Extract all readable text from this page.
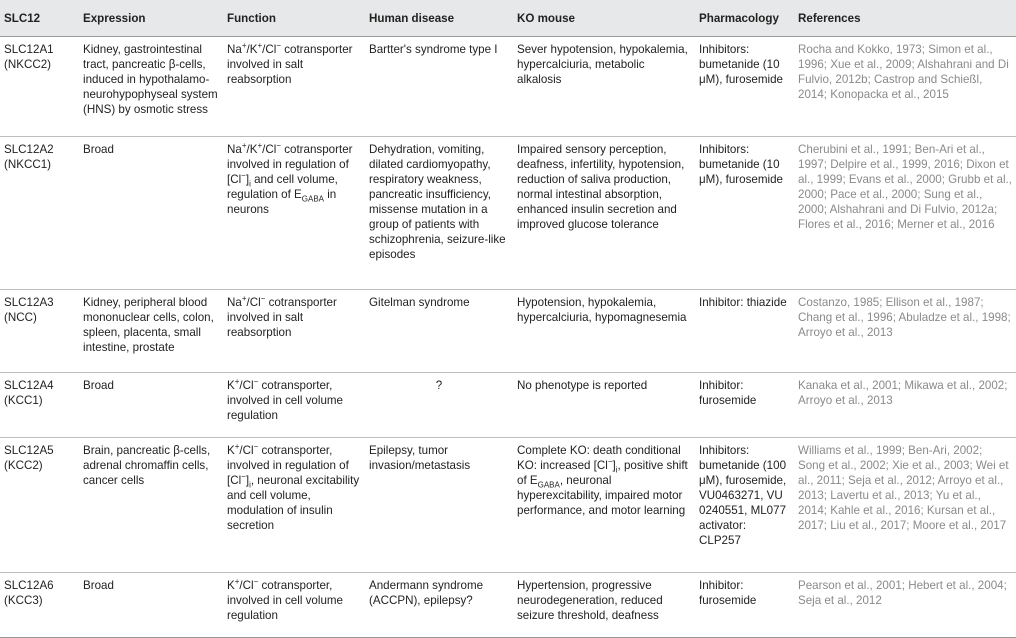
SLC12	Expression	Function	Human disease	KO mouse	Pharmacology	References
SLC12A1
(NKCC2)	Kidney, gastrointestinal tract, pancreatic β-cells, induced in hypothalamo-neurohypophyseal system (HNS) by osmotic stress	Na+/K+/Cl− cotransporter involved in salt reabsorption	Bartter's syndrome type I	Sever hypotension, hypokalemia, hypercalciuria, metabolic alkalosis	Inhibitors: bumetanide (10 μM), furosemide	Rocha and Kokko, 1973; Simon et al., 1996; Xue et al., 2009; Alshahrani and Di Fulvio, 2012b; Castrop and Schießl, 2014; Konopacka et al., 2015
SLC12A2
(NKCC1)	Broad	Na+/K+/Cl− cotransporter involved in regulation of $[Cl^-]_i$ and cell volume, regulation of $E_{GABA}$ in neurons	Dehydration, vomiting, dilated cardiomyopathy, respiratory weakness, pancreatic insufficiency, missense mutation in a group of patients with schizophrenia, seizure-like episodes	Impaired sensory perception, deafness, infertility, hypotension, reduction of saliva production, normal intestinal absorption, enhanced insulin secretion and improved glucose tolerance	Inhibitors: bumetanide (10 μM), furosemide	Cherubini et al., 1991; Ben-Ari et al., 1997; Delpire et al., 1999, 2016; Dixon et al., 1999; Evans et al., 2000; Grubb et al., 2000; Pace et al., 2000; Sung et al., 2000; Alshahrani and Di Fulvio, 2012a; Flores et al., 2016; Merner et al., 2016
SLC12A3
(NCC)	Kidney, peripheral blood mononuclear cells, colon, spleen, placenta, small intestine, prostate	Na+/Cl− cotransporter involved in salt reabsorption	Gitelman syndrome	Hypotension, hypokalemia, hypercalciuria, hypomagnesemia	Inhibitor: thiazide	Costanzo, 1985; Ellison et al., 1987; Chang et al., 1996; Abuladze et al., 1998; Arroyo et al., 2013
SLC12A4
(KCC1)	Broad	K+/Cl− cotransporter, involved in cell volume regulation	?	No phenotype is reported	Inhibitor: furosemide	Kanaka et al., 2001; Mikawa et al., 2002; Arroyo et al., 2013
SLC12A5
(KCC2)	Brain, pancreatic β-cells, adrenal chromaffin cells, cancer cells	K+/Cl− cotransporter, involved in regulation of $[Cl^-]_i$, neuronal excitability and cell volume, modulation of insulin secretion	Epilepsy, tumor invasion/metastasis	Complete KO: death conditional KO: increased $[Cl^-]_i$, positive shift of $E_{GABA}$, neuronal hyperexcitability, impaired motor performance, and motor learning	Inhibitors: bumetanide (100 μM), furosemide, VU0463271, VU 0240551, ML077 activator: CLP257	Williams et al., 1999; Ben-Ari, 2002; Song et al., 2002; Xie et al., 2003; Wei et al., 2011; Seja et al., 2012; Arroyo et al., 2013; Lavertu et al., 2013; Yu et al., 2014; Kahle et al., 2016; Kursan et al., 2017; Liu et al., 2017; Moore et al., 2017
SLC12A6
(KCC3)	Broad	K+/Cl− cotransporter, involved in cell volume regulation	Andermann syndrome (ACCPN), epilepsy?	Hypertension, progressive neurodegeneration, reduced seizure threshold, deafness	Inhibitor: furosemide	Pearson et al., 2001; Hebert et al., 2004; Seja et al., 2012
